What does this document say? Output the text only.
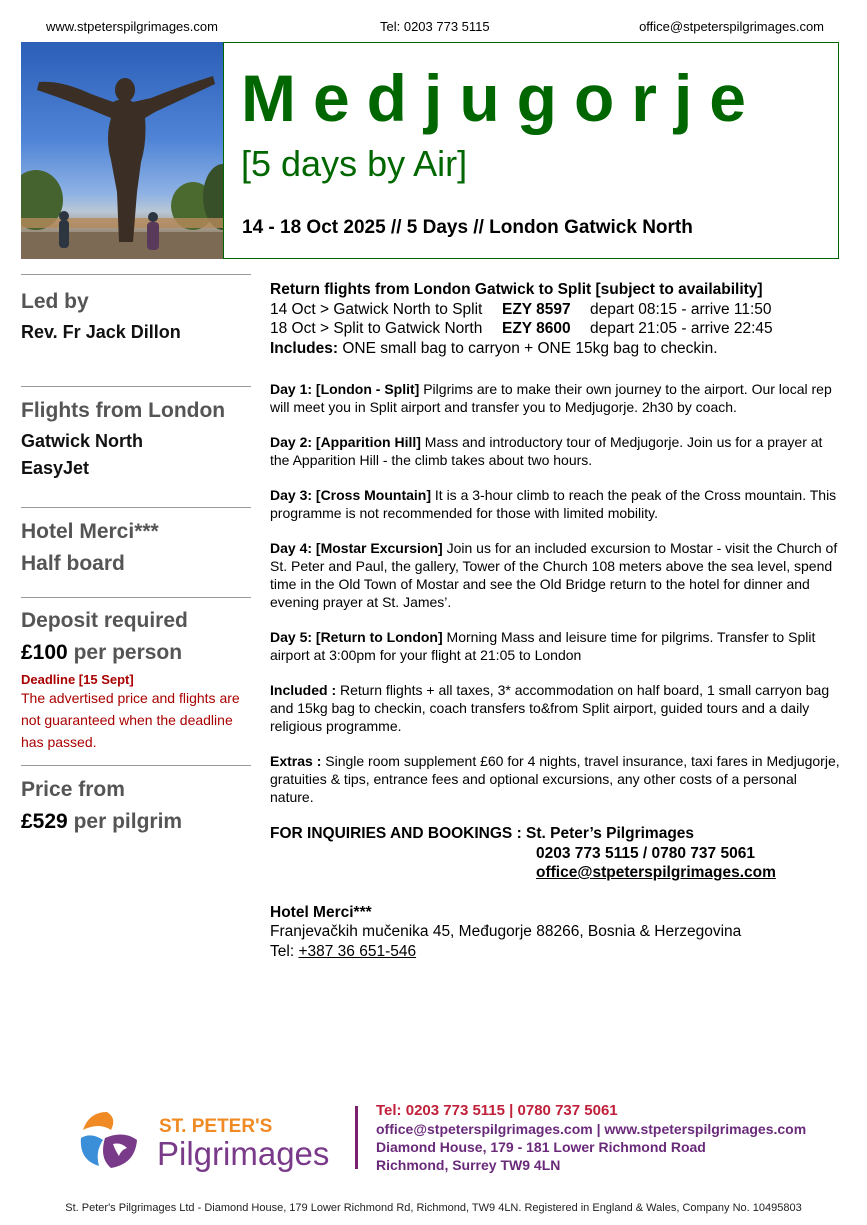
www.stpeterspilgrimages.com	Tel: 0203 773 5115	office@stpeterspilgrimages.com
Medjugorje
[5 days by Air]
14 - 18 Oct 2025 // 5 Days // London Gatwick North
Led by
Rev. Fr Jack Dillon
Flights from London
Gatwick North
EasyJet
Hotel Merci***
Half board
Deposit required
£100 per person
Deadline [15 Sept]
The advertised price and flights are not guaranteed when the deadline has passed.
Price from
£529 per pilgrim
Return flights from London Gatwick to Split [subject to availability]
14 Oct > Gatwick North to Split	EZY 8597	depart 08:15 - arrive 11:50
18 Oct > Split to Gatwick North	EZY 8600	depart 21:05 - arrive 22:45
Includes: ONE small bag to carryon + ONE 15kg bag to checkin.
Day 1: [London - Split] Pilgrims are to make their own journey to the airport. Our local rep will meet you in Split airport and transfer you to Medjugorje. 2h30 by coach.
Day 2: [Apparition Hill] Mass and introductory tour of Medjugorje. Join us for a prayer at the Apparition Hill - the climb takes about two hours.
Day 3: [Cross Mountain] It is a 3-hour climb to reach the peak of the Cross mountain. This programme is not recommended for those with limited mobility.
Day 4: [Mostar Excursion] Join us for an included excursion to Mostar - visit the Church of St. Peter and Paul, the gallery, Tower of the Church 108 meters above the sea level, spend time in the Old Town of Mostar and see the Old Bridge return to the hotel for dinner and evening prayer at St. James’.
Day 5: [Return to London] Morning Mass and leisure time for pilgrims. Transfer to Split airport at 3:00pm for your flight at 21:05 to London
Included : Return flights + all taxes, 3* accommodation on half board, 1 small carryon bag and 15kg bag to checkin, coach transfers to&from Split airport, guided tours and a daily religious programme.
Extras : Single room supplement £60 for 4 nights, travel insurance, taxi fares in Medjugorje, gratuities & tips, entrance fees and optional excursions, any other costs of a personal nature.
FOR INQUIRIES AND BOOKINGS : St. Peter’s Pilgrimages
0203 773 5115 / 0780 737 5061
office@stpeterspilgrimages.com
Hotel Merci***
Franjevačkih mučenika 45, Međugorje 88266, Bosnia & Herzegovina
Tel: +387 36 651-546
ST. PETER'S
Pilgrimages
Tel: 0203 773 5115 | 0780 737 5061
office@stpeterspilgrimages.com | www.stpeterspilgrimages.com
Diamond House, 179 - 181 Lower Richmond Road
Richmond, Surrey TW9 4LN
St. Peter's Pilgrimages Ltd - Diamond House, 179 Lower Richmond Rd, Richmond, TW9 4LN. Registered in England & Wales, Company No. 10495803
